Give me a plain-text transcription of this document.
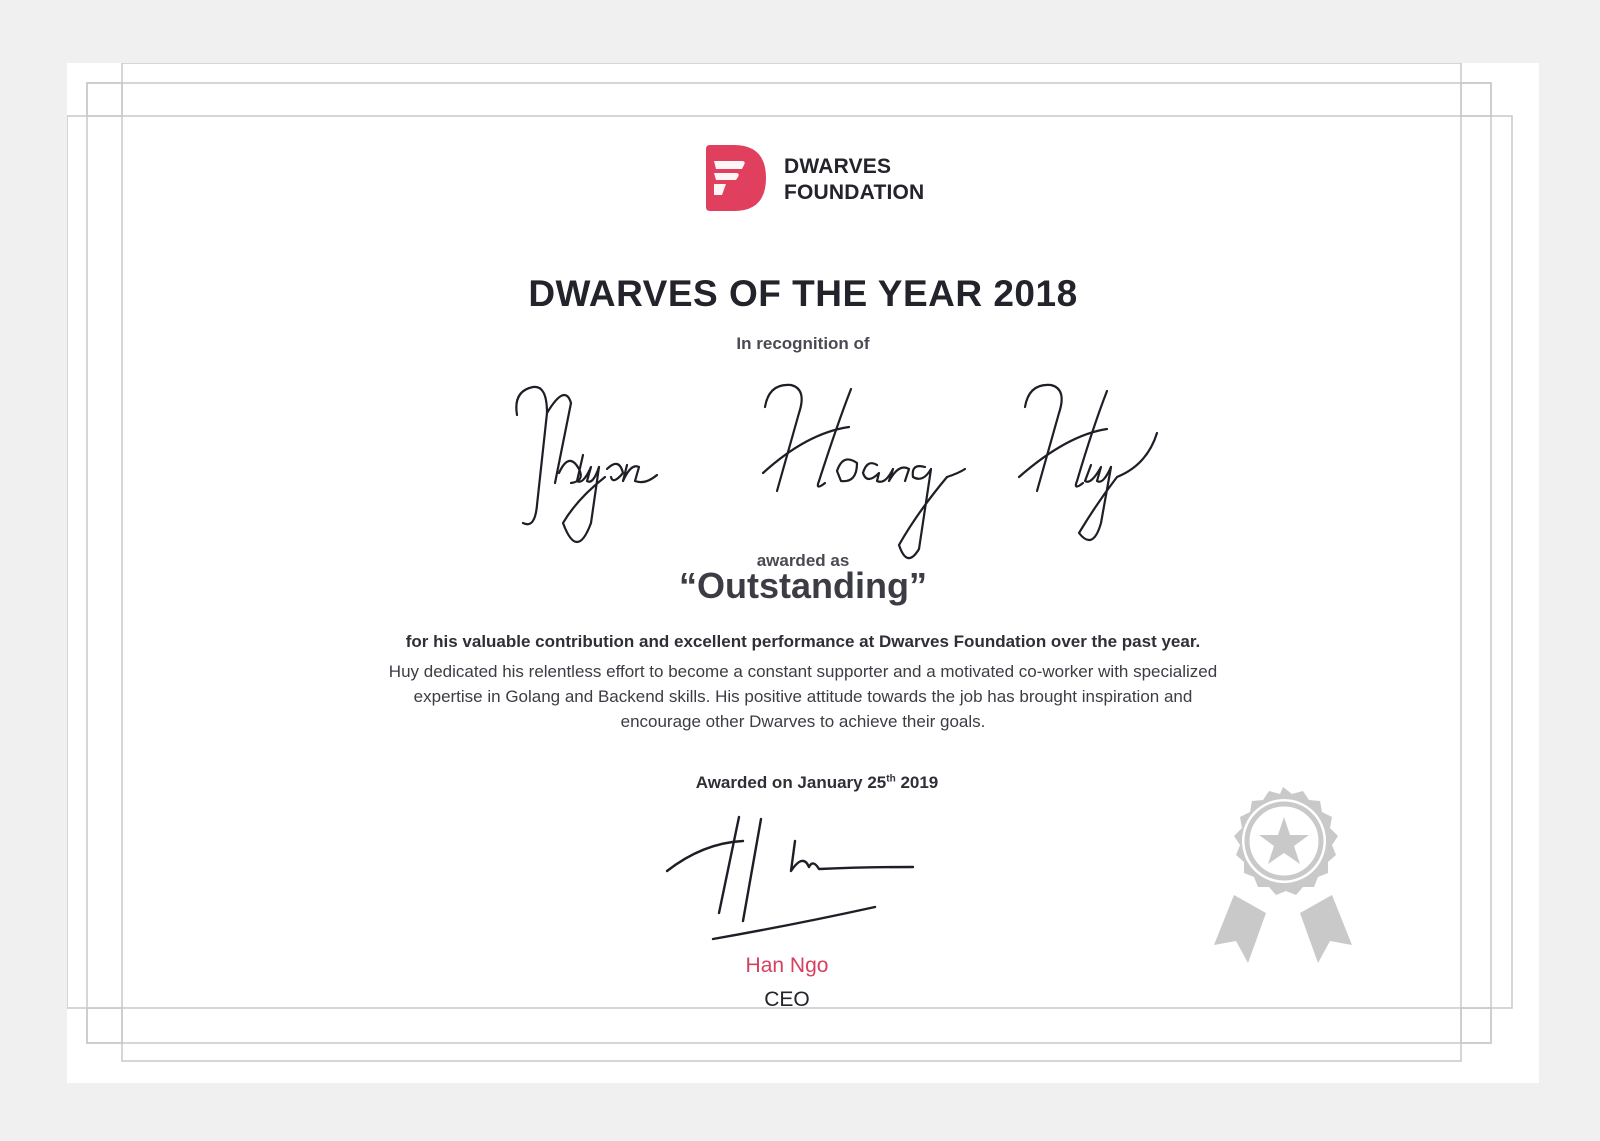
DWARVES
FOUNDATION
DWARVES OF THE YEAR 2018
In recognition of
awarded as
“Outstanding”
for his valuable contribution and excellent performance at Dwarves Foundation over the past year.
Huy dedicated his relentless effort to become a constant supporter and a motivated co-worker with specialized expertise in Golang and Backend skills. His positive attitude towards the job has brought inspiration and encourage other Dwarves to achieve their goals.
Awarded on January 25th 2019
Han Ngo
CEO
